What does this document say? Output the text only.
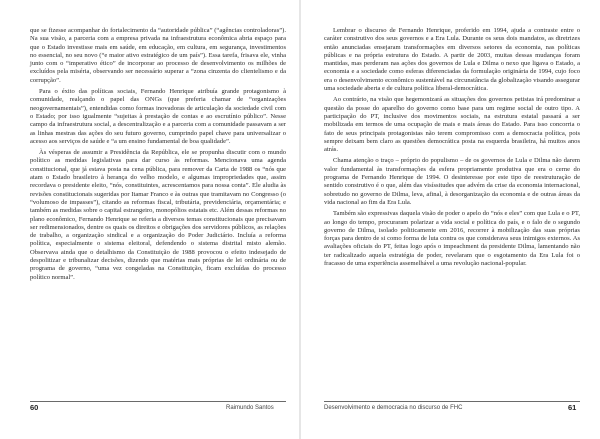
que se fizesse acompanhar do fortalecimento da “autoridade pública” (“agências controladoras”). Na sua visão, a parceria com a empresa privada na infraestrutura econômica abria espaço para que o Estado investisse mais em saúde, em educação, em cultura, em segurança, investimentos no essencial, no seu novo (“e maior ativo estratégico de um país”). Essa tarefa, frisava ele, vinha junto com o “imperativo ético” de incorporar ao processo de desenvolvimento os milhões de excluídos pela miséria, observando ser necessário superar a “zona cinzenta do clientelismo e da corrupção”.

Para o éxito das políticas sociais, Fernando Henrique atribuía grande protagonismo à comunidade, realçando o papel das ONGs (que preferia chamar de “organizações neogovernamentais”), entendidas como formas inovadoras de articulação da sociedade civil com o Estado; por isso igualmente “sujeitas à prestação de contas e ao escrutínio público”. Nesse campo da infraestrutura social, a descentralização e a parceria com a comunidade passavam a ser as linhas mestras das ações do seu futuro governo, cumprindo papel chave para universalizar o acesso aos serviços de saúde e “a um ensino fundamental de boa qualidade”.

Às vésperas de assumir a Presidência da República, ele se propunha discutir com o mundo político as medidas legislativas para dar curso às reformas. Mencionava uma agenda constitucional, que já estava posta na cena pública, para remover da Carta de 1988 os “nós que atam o Estado brasileiro à herança do velho modelo, e algumas impropriedades que, assim recordava o presidente eleito, “nós, constituintes, acrescentamos para nossa conta”. Ele aludia às revisões constitucionais sugeridas por Itamar Franco e às outras que tramitavam no Congresso (o “volumoso de impasses”), citando as reformas fiscal, tributária, previdenciária, orçamentária; e também as medidas sobre o capital estrangeiro, monopólios estatais etc. Além dessas reformas no plano econômico, Fernando Henrique se referia a diversos temas constitucionais que precisavam ser redimensionados, dentre os quais os direitos e obrigações dos servidores públicos, as relações de trabalho, a organização sindical e a organização do Poder Judiciário. Incluía a reforma política, especialmente o sistema eleitoral, defendendo o sistema distrital misto alemão. Observava ainda que o detalhismo da Constituição de 1988 provocou o efeito indesejado de despolitizar e tribunalizar decisões, dizendo que matérias mais próprias de lei ordinária ou de programa de governo, “uma vez congeladas na Constituição, ficam excluídas do processo político normal”.

60	Raimundo Santos

Lembrar o discurso de Fernando Henrique, proferido em 1994, ajuda a contraste entre o caráter construtivo dos seus governos e a Era Lula. Durante os seus dois mandatos, as diretrizes então anunciadas ensejaram transformações em diversos setores da economia, nas políticas públicas e na própria estrutura do Estado. A partir de 2003, muitas dessas mudanças foram mantidas, mas perderam nas ações dos governos de Lula e Dilma o nexo que ligava o Estado, a economia e a sociedade como esferas diferenciadas da formulação originária de 1994, cujo foco era o desenvolvimento econômico sustentável na circunstância da globalização visando assegurar uma sociedade aberta e de cultura política liberal-democrática.

Ao contrário, na visão que hegemonizará as situações dos governos petistas irá predominar a questão da posse do aparelho do governo como base para um regime social de outro tipo. A participação do PT, inclusive dos movimentos sociais, na estrutura estatal passará a ser mobilizada em termos de uma ocupação de mais e mais áreas do Estado. Para isso concorria o fato de seus principais protagonistas não terem compromisso com a democracia política, pois sempre deixam bem claro as questões democrática posta na esquerda brasileira, há muitos anos atrás.

Chama atenção o traço – próprio do populismo – de os governos de Lula e Dilma não darem valor fundamental às transformações da esfera propriamente produtiva que era o cerne do programa de Fernando Henrique de 1994. O desinteresse por este tipo de reestruturação de sentido construtivo é o que, além das visíssitudes que advém da crise da economia internacional, sobretudo no governo de Dilma, leva, afinal, à desorganização da economia e de outras áreas da vida nacional ao fim da Era Lula.

Também são expressivas daquela visão de poder o apelo do “nós e eles” com que Lula e o PT, ao longo do tempo, procuraram polarizar a vida social e política do país, e o falo de o segundo governo de Dilma, isolado politicamente em 2016, recorrer à mobilização das suas próprias forças para dentro de si como forma de luta contra os que considerava seus inimigos externos. As avaliações oficiais do PT, feitas logo após o impeachment da presidente Dilma, lamentando não ter radicalizado aquela estratégia de poder, revelaram que o esgotamento da Era Lula foi o fracasso de uma experiência assemelhável a uma revolução nacional-popular.

Desenvolvimento e democracia no discurso de FHC	61
